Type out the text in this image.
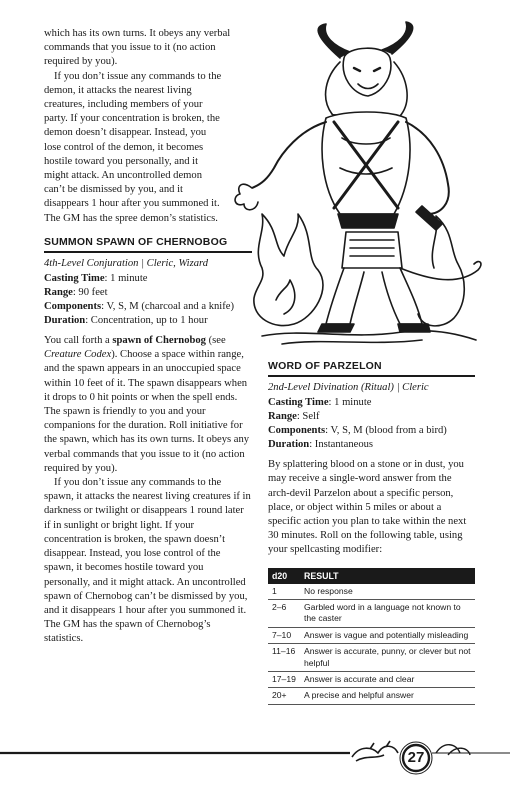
which has its own turns. It obeys any verbal commands that you issue to it (no action required by you).

If you don’t issue any commands to the demon, it attacks the nearest living creatures, including members of your party. If your concentration is broken, the demon doesn’t disappear. Instead, you lose control of the demon, it becomes hostile toward you personally, and it might attack. An uncontrolled demon can’t be dismissed by you, and it disappears 1 hour after you summoned it. The GM has the spree demon’s statistics.

SUMMON SPAWN OF CHERNOBOG

4th-Level Conjuration | Cleric, Wizard

Casting Time: 1 minute

Range: 90 feet

Components: V, S, M (charcoal and a knife)

Duration: Concentration, up to 1 hour

You call forth a spawn of Chernobog (see Creature Codex). Choose a space within range, and the spawn appears in an unoccupied space within 10 feet of it. The spawn disappears when it drops to 0 hit points or when the spell ends. The spawn is friendly to you and your companions for the duration. Roll initiative for the spawn, which has its own turns. It obeys any verbal commands that you issue to it (no action required by you).

If you don’t issue any commands to the spawn, it attacks the nearest living creatures if in darkness or twilight or disappears 1 round later if in sunlight or bright light. If your concentration is broken, the spawn doesn’t disappear. Instead, you lose control of the spawn, it becomes hostile toward you personally, and it might attack. An uncontrolled spawn of Chernobog can’t be dismissed by you, and it disappears 1 hour after you summoned it. The GM has the spawn of Chernobog’s statistics.

WORD OF PARZELON

2nd-Level Divination (Ritual) | Cleric

Casting Time: 1 minute

Range: Self

Components: V, S, M (blood from a bird)

Duration: Instantaneous

By splattering blood on a stone or in dust, you may receive a single-word answer from the arch-devil Parzelon about a specific person, place, or object within 5 miles or about a specific action you plan to take within the next 30 minutes. Roll on the following table, using your spellcasting modifier:

d20	RESULT
1	No response
2–6	Garbled word in a language not known to the caster
7–10	Answer is vague and potentially misleading
11–16	Answer is accurate, punny, or clever but not helpful
17–19	Answer is accurate and clear
20+	A precise and helpful answer
27
